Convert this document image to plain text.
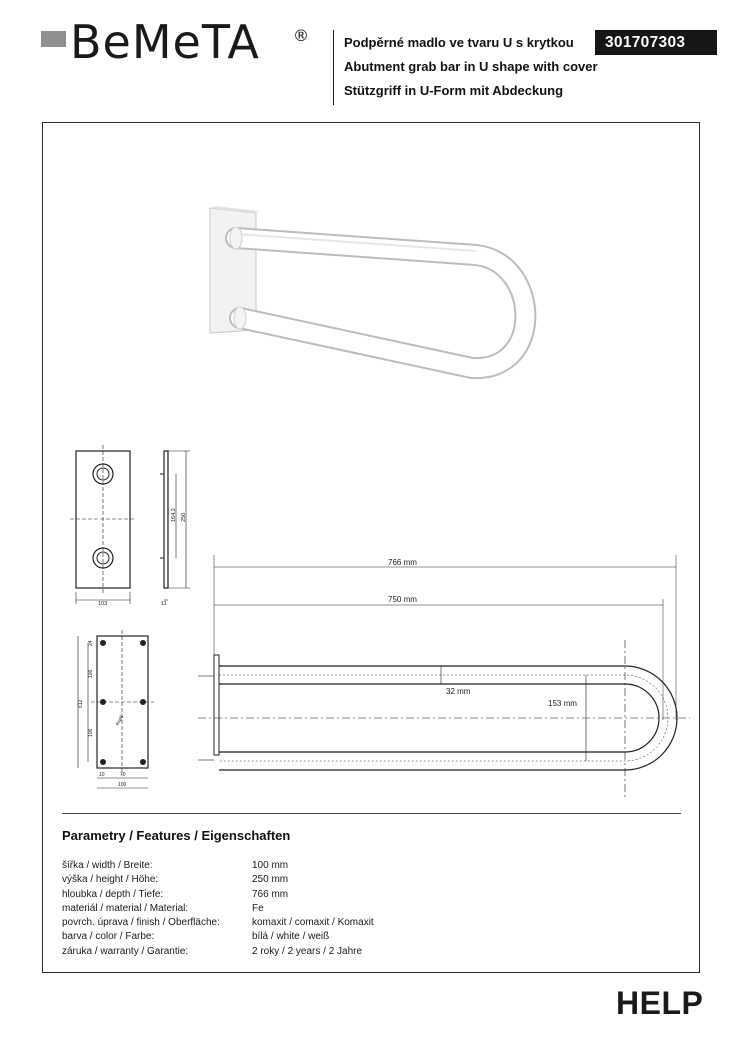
BeMeTA ®	Podpěrné madlo ve tvaru U s krytkou
Abutment grab bar in U shape with cover
Stützgriff in U-Form mit Abdeckung
301707303
103
164,2 250
11
24
106
106
612
4xø6
10	70
100
766 mm
750 mm
32 mm
153 mm
Parametry / Features / Eigenschaften
šířka / width / Breite:	100 mm
výška / height / Höhe:	250 mm
hloubka / depth / Tiefe:	766 mm
materiál / material / Material:	Fe
povrch. úprava / finish / Oberfläche:	komaxit / comaxit / Komaxit
barva / color / Farbe:	bílá / white / weiß
záruka / warranty / Garantie:	2 roky / 2 years / 2 Jahre
HELP
